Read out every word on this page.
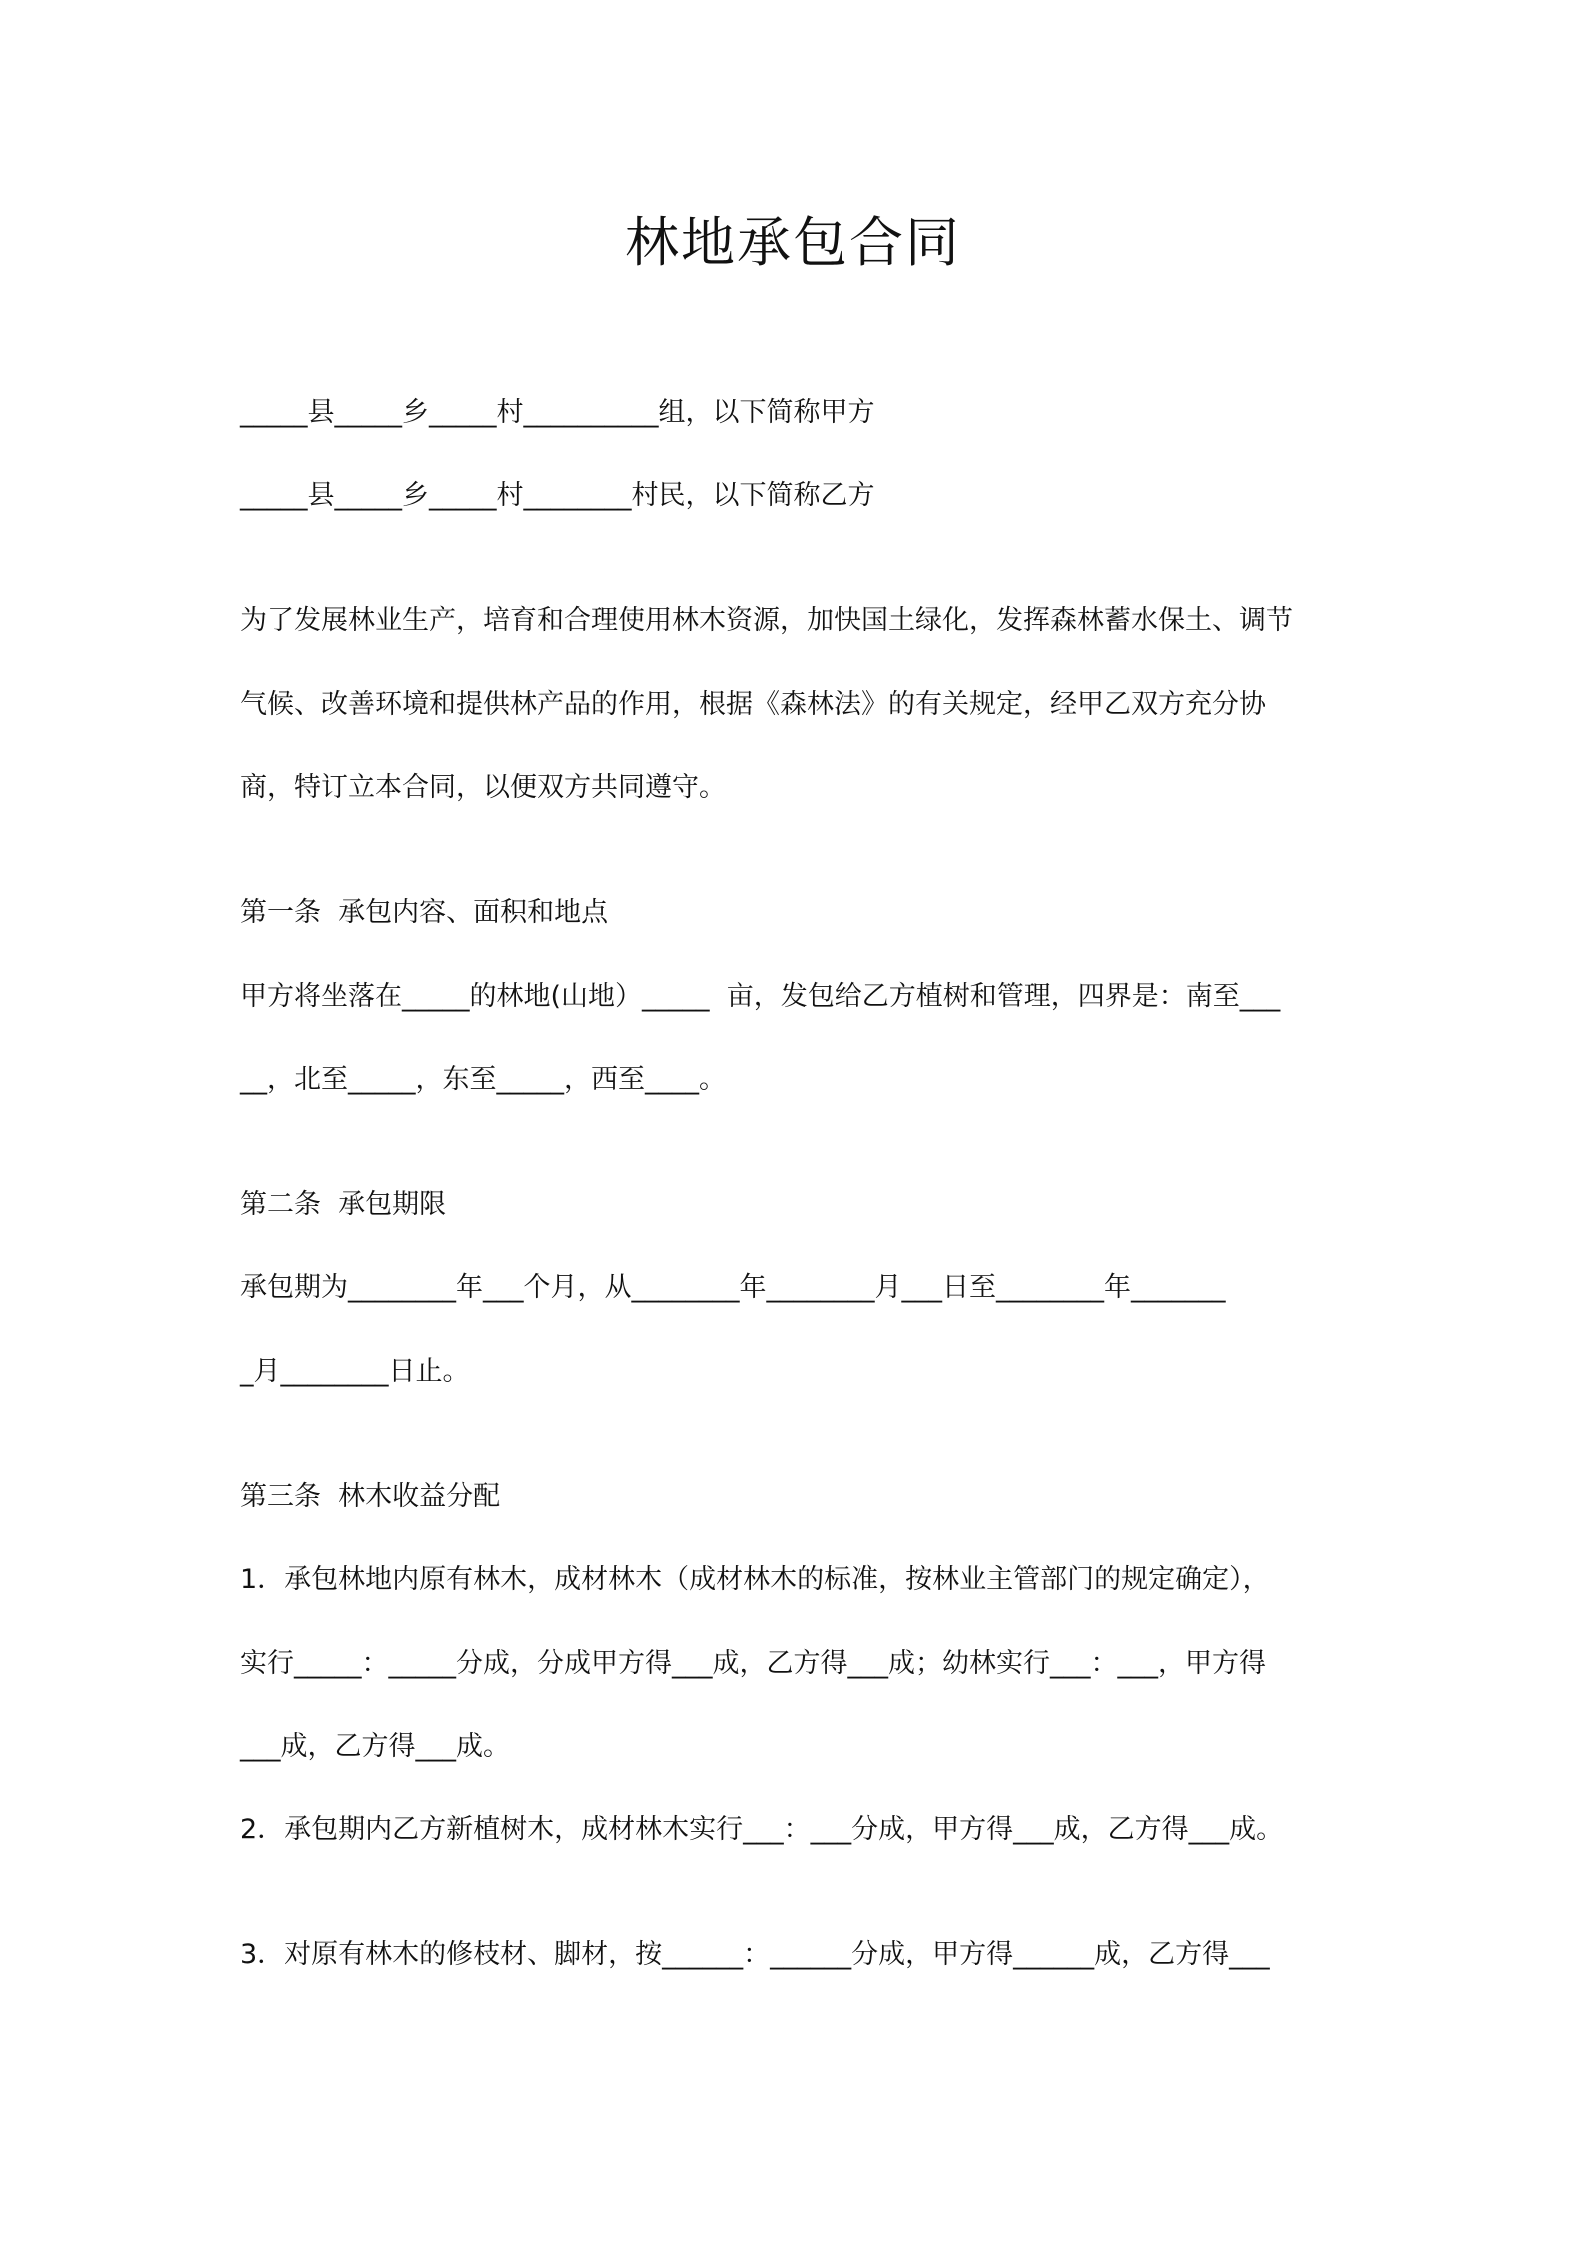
林地承包合同
_____县_____乡_____村__________组，以下简称甲方
_____县_____乡_____村________村民，以下简称乙方
为了发展林业生产，培育和合理使用林木资源，加快国土绿化，发挥森林蓄水保土、调节
气候、改善环境和提供林产品的作用，根据《森林法》的有关规定，经甲乙双方充分协
商，特订立本合同，以便双方共同遵守。
第一条  承包内容、面积和地点
甲方将坐落在_____的林地(山地）_____  亩，发包给乙方植树和管理，四界是：南至___
__，北至_____，东至_____，西至____。
第二条  承包期限
承包期为________年___个月，从________年________月___日至________年_______
_月________日止。
第三条  林木收益分配
1．承包林地内原有林木，成材林木（成材林木的标准，按林业主管部门的规定确定），
实行_____：_____分成，分成甲方得___成，乙方得___成；幼林实行___：___，甲方得
___成，乙方得___成。
2．承包期内乙方新植树木，成材林木实行___：___分成，甲方得___成，乙方得___成。
3．对原有林木的修枝材、脚材，按______：______分成，甲方得______成，乙方得___
